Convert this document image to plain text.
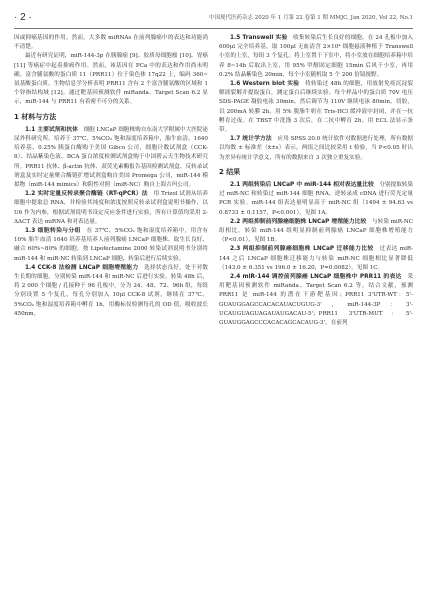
· 2 ·	中国现代医药杂志 2020 年 1 月第 22 卷第 1 期 MMJC, Jan 2020, Vol 22, No.1

因或抑癌基因的作用。然而，大多数 miRNAs 在前列腺癌中的表达和功能尚不清楚。

最近有研究证明，miR-144-3p 在胰腺癌 [9]、胶质母细胞瘤 [10]、胃癌 [11] 等癌症中起着抑癌作用。然而，该基因在 PCa 中的表达和作用尚未明确。富含脯氨酸的蛋白质 11（PRR11）位于染色体 17q22 上，编码 360~ 氨基酸蛋白质。生物信息学分析表明 PRR11 含有 2 个富含脯氨酸的区域和 1 个锌指结构域 [12]。通过靶基因预测软件 miRanda、Target Scan 6.2 显示，miR-144 与 PRR11 有着密不可分的关系。

1 材料与方法

1.1 主要试剂和抗体  细胞 LNCaP 细胞株购自东南大学附属中大医院泌尿外科研究所。培养于 37℃、5%CO₂ 饱和湿度培养箱中，胎牛血清、1640 培养基、0.25% 胰蛋白酶购于美国 Gibco 公司，细胞计数试剂盒（CCK-8）、结晶紫染色液、BCA 蛋白浓度检测试剂盒购于中国碧云天生物技术研究所。PRR11 抗体、β-actin 抗体、双荧光素酶报告基因检测试剂盒、反转录试剂盒及实时定量聚合酶链扩增试剂盒购自美国 Promega 公司，miR-144 模拟物（miR-144 mimics）和阴性对照（miR-NC）购自上海吉玛公司。

1.2 实时定量反转录聚合酶链（RT-qPCR）法  用 Trizol 试剂从培养细胞中提取总 RNA，并检验其纯度和浓度按照反转录试剂盒说明书操作，以 U6 作为内参，根据试剂说明书设定反应条件进行实验，所有计算值均采用 2-ΔΔCT 表达 miRNA 和对表达量。

1.3 细胞转染与分组  在 37℃、5%CO₂ 饱和湿度培养箱中，用含有 10% 胎牛血清 1640 培养基培养人前列腺癌 LNCaP 细胞株。取生长良好、融合 60%~80% 的细胞，按 Lipofectamine 2000 转染试剂说明书分别将 miR-144 和 miR-NC 转染到 LNCaP 细胞，转染后进行后续实验。

1.4 CCK-8 法检测 LNCaP 细胞增殖能力  选择状态良好，处于对数生长期的细胞，分别转染 miR-144 和 miR-NC 后进行实验。转染 48h 后，将 2 000 个细胞 / 孔接种于 96 孔板中，分为 24、48、72、96h 组，每组分别设置 5 个复孔，每孔分别加入 10μl CCK-8 试剂，继续在 37℃、5%CO₂ 饱和湿度培养箱中孵育 1h，用酶标仪检测每孔的 OD 值，吸收波长 450nm。

1.5 Transwell 实验  收集转染后生长良好的细胞，在 24 孔板中加入 600μl 完全培养基，取 100μl 无血清含 2×10⁴ 细胞悬液种植于 Transwell 小室的上室，每组 3 个复孔。将上室置于下室中，将小室放在细胞培养箱中培养 8~14h 后取出上室，用 95% 甲醇固定细胞 15min 后风干小室，再用 0.2% 结晶紫染色 20min，每个小室随机取 5 个 200 倍镜视野。

1.6 Western blot 实验  将转染过 48h 的细胞，用放射免疫沉淀裂解液裂解并提取蛋白，测定蛋白后继续实验。每个样品中的蛋白质 70V 电压 SDS-PAGE 凝胶电泳 30min，然后调节为 110V 继续电泳 80min，切胶，以 200mA 转膜 2h。用 5% 脱脂牛奶在 Tris-HCl 缓冲液中封闭，并在一抗孵育过夜。在 TBST 中洗涤 3 次后，在二抗中孵育 2h。用 ECL 法显示条带。

1.7 统计学方法  应用 SPSS 20.0 统计软件对数据进行处理，所有数据以均数 ± 标准差（x̄±s）表示，两组之间比较采用 t 检验，当 P<0.05 时认为差异有统计学意义，所有的数据来自 3 次独立重复实验。

2 结果

2.1 两组转染后 LNCaP 中 miR-144 相对表达量比较  分别提取转染过 miR-NC 和转染过 miR-144 细胞 RNA，逆转录成 cDNA 进行荧光定量 PCR 实验。miR-144 组表达量明显高于 miR-NC 组（1494 ± 94.63 vs 0.8733 ± 0.1157，P<0.001），见图 1A。

2.2 两组抑制前列腺癌细胞株 LNCaP 增殖能力比较  与转染 miR-NC 组相比，转染 miR-144 组明显抑制前列腺癌 LNCaP 细胞株增殖能力（P<0.01），见图 1B。

2.3 两组抑制前列腺癌细胞株 LNCaP 迁移能力比较  过表达 miR-144 之后 LNCaP 细胞株迁移能力与转染 miR-NC 细胞相比显著降低（143.0 ± 6.351 vs 196.0 ± 16.20，P=0.0082），见图 1C。

2.4 miR-144 调控前列腺癌 LNCaP 细胞株中 PRR11 的表达  采用靶基因预测软件 miRanda、Target Scan 6.2 等，结合文献，预测 PRR11 是 miR-144 的潜在下游靶基因；PRR11 3'UTR-WT：5'-GUAUGGAGCCACACAUACUGUG-3'，miR-144-3P：3'-UCAUGUAGUAGAUAUGACAU-5'；PRR11 3'UTR-MUT：5'-GUAUGGAGCCCACACAGCACAUG-3'。在前列
